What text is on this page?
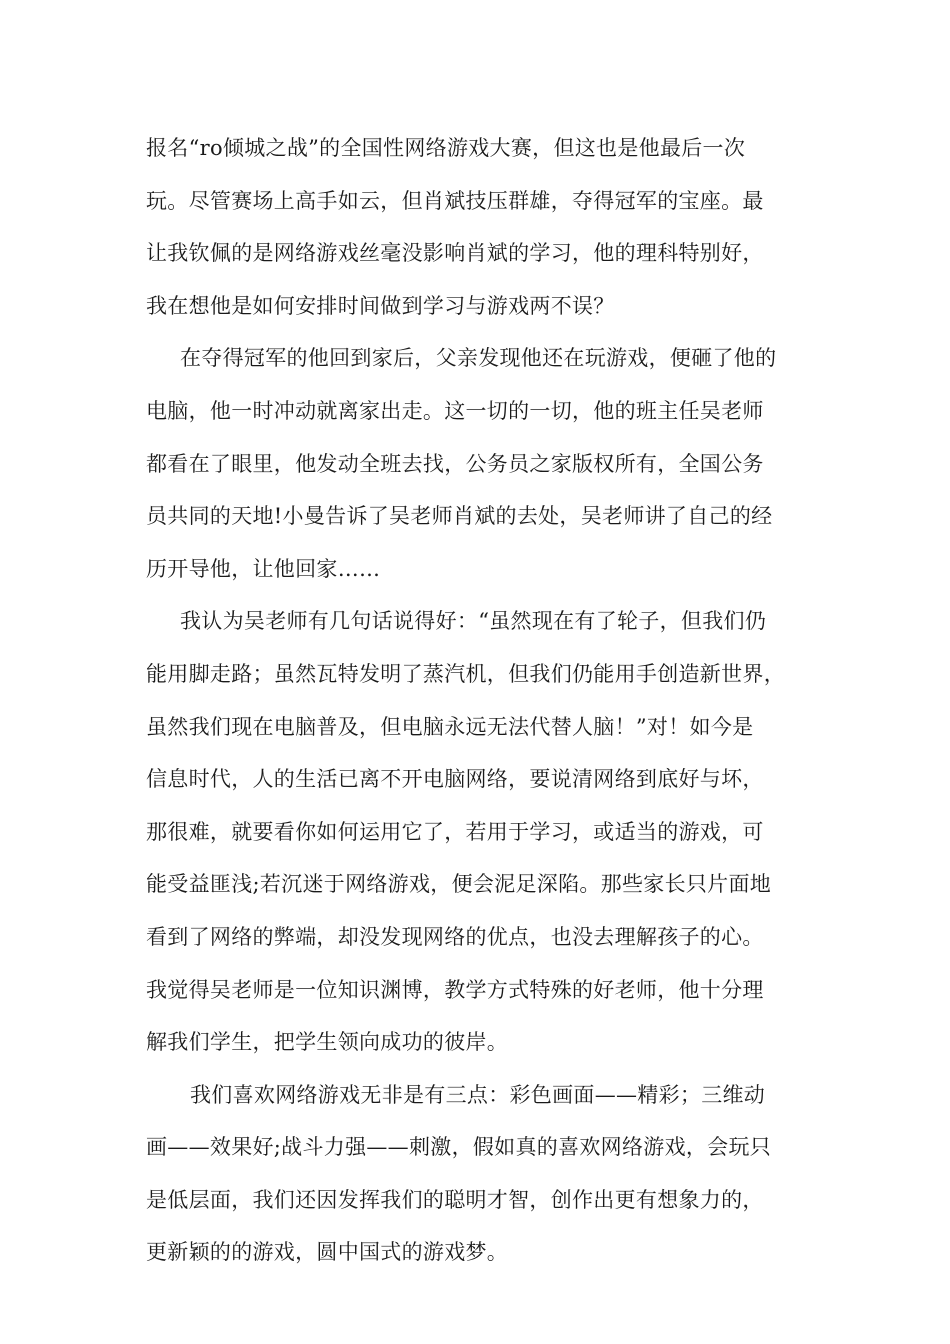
报名“ro倾城之战”的全国性网络游戏大赛，但这也是他最后一次
玩。尽管赛场上高手如云，但肖斌技压群雄，夺得冠军的宝座。最
让我钦佩的是网络游戏丝毫没影响肖斌的学习，他的理科特别好，
我在想他是如何安排时间做到学习与游戏两不误？
在夺得冠军的他回到家后，父亲发现他还在玩游戏，便砸了他的
电脑，他一时冲动就离家出走。这一切的一切，他的班主任吴老师
都看在了眼里，他发动全班去找，公务员之家版权所有，全国公务
员共同的天地!小曼告诉了吴老师肖斌的去处，吴老师讲了自己的经
历开导他，让他回家……
我认为吴老师有几句话说得好：“虽然现在有了轮子，但我们仍
能用脚走路；虽然瓦特发明了蒸汽机，但我们仍能用手创造新世界，
虽然我们现在电脑普及，但电脑永远无法代替人脑！”对！如今是
信息时代，人的生活已离不开电脑网络，要说清网络到底好与坏，
那很难，就要看你如何运用它了，若用于学习，或适当的游戏，可
能受益匪浅;若沉迷于网络游戏，便会泥足深陷。那些家长只片面地
看到了网络的弊端，却没发现网络的优点，也没去理解孩子的心。
我觉得吴老师是一位知识渊博，教学方式特殊的好老师，他十分理
解我们学生，把学生领向成功的彼岸。
我们喜欢网络游戏无非是有三点：彩色画面——精彩；三维动
画——效果好;战斗力强——刺激，假如真的喜欢网络游戏，会玩只
是低层面，我们还因发挥我们的聪明才智，创作出更有想象力的，
更新颖的的游戏，圆中国式的游戏梦。
